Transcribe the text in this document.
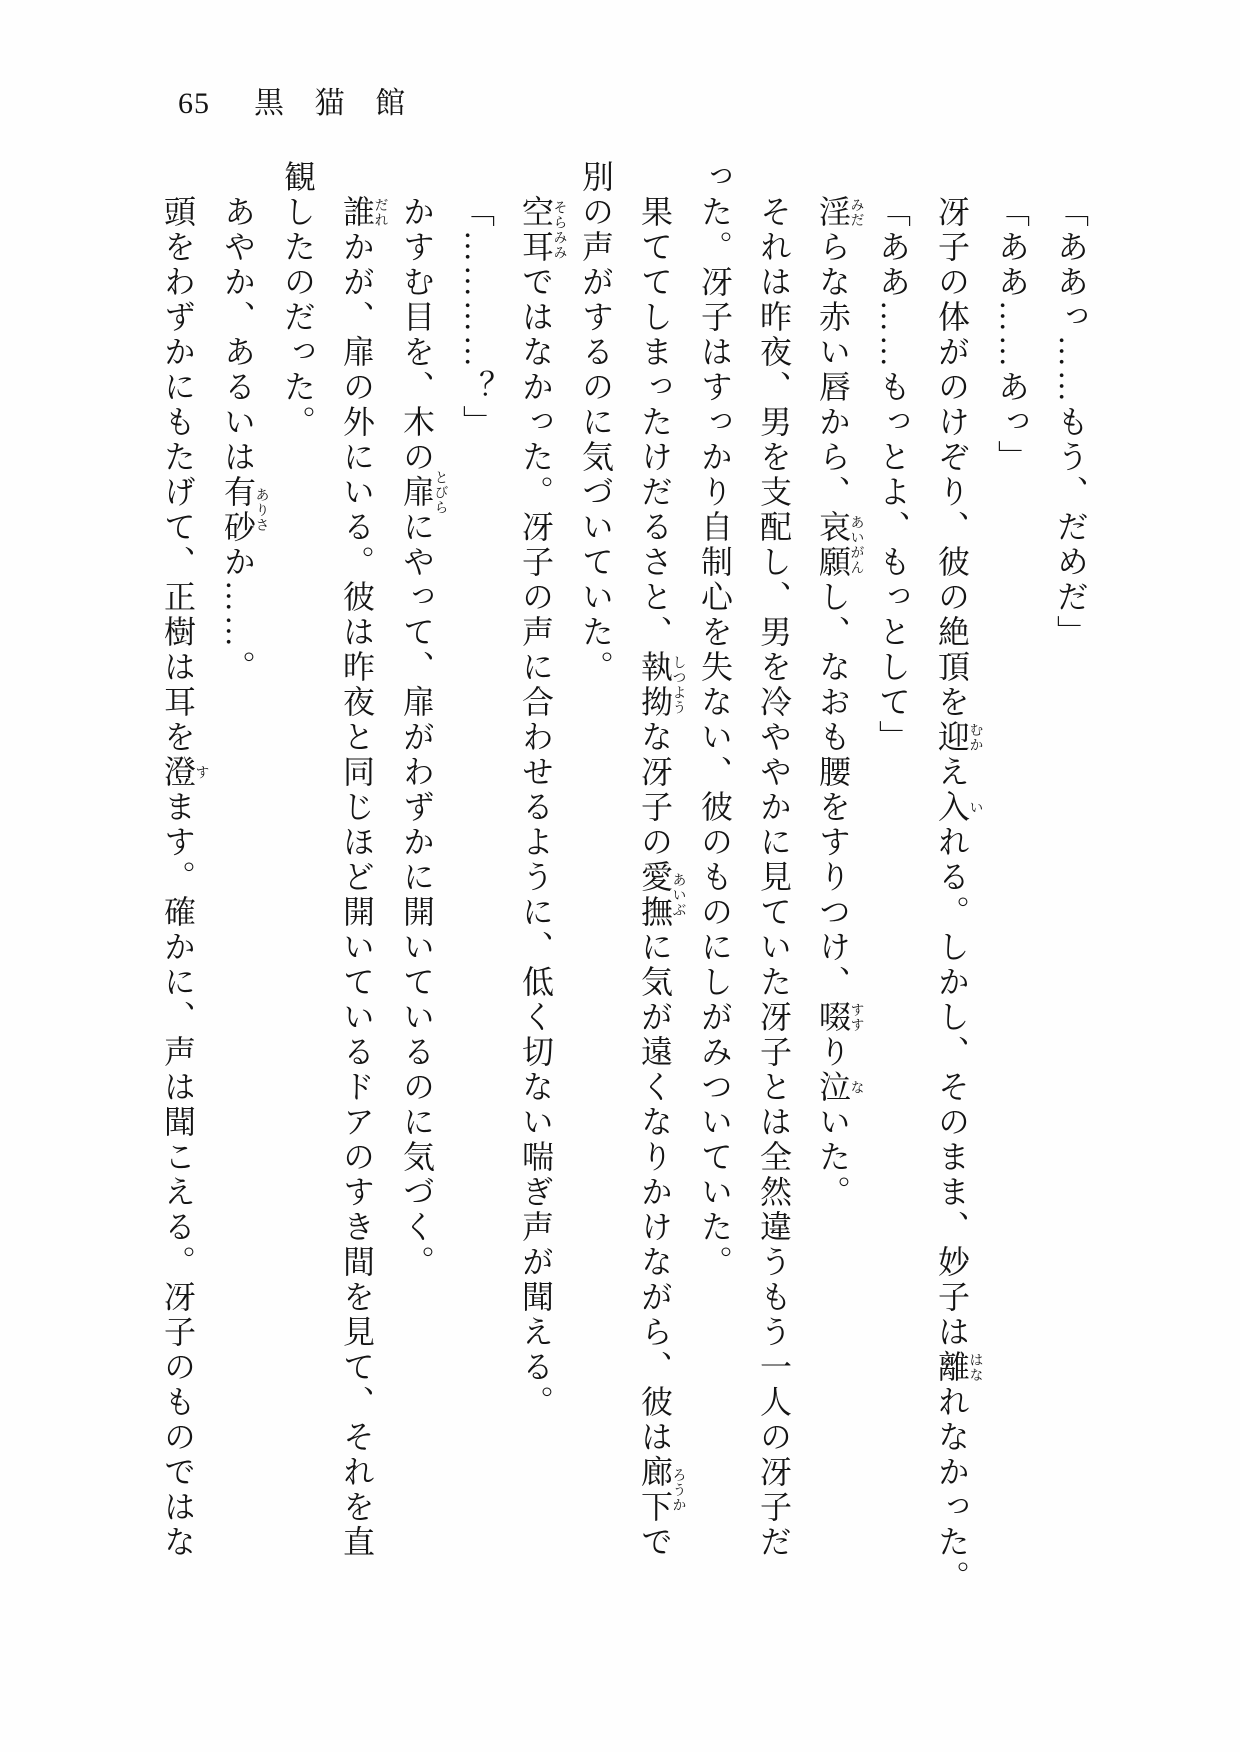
65 黒猫館

「ああっ……もう、だめだ」

「ああ……あっ」

冴子の体がのけぞり、彼の絶頂を迎むかえ入いれる。しかし、そのまま、妙子は離はなれなかった。

「ああ……もっとよ、もっとして」

淫みだらな赤い唇から、哀願あいがんし、なおも腰をすりつけ、啜すすり泣ないた。

それは昨夜、男を支配し、男を冷ややかに見ていた冴子とは全然違うもう一人の冴子だ

った。冴子はすっかり自制心を失ない、彼のものにしがみついていた。

果ててしまったけだるさと、執拗しつような冴子の愛撫あいぶに気が遠くなりかけながら、彼は廊下ろうかで

別の声がするのに気づいていた。

空耳そらみみではなかった。冴子の声に合わせるように、低く切ない喘ぎ声が聞える。

「…………？」

かすむ目を、木の扉とびらにやって、扉がわずかに開いているのに気づく。

誰だれかが、扉の外にいる。彼は昨夜と同じほど開いているドアのすき間を見て、それを直

観したのだった。

あやか、あるいは有砂ありさか……。

頭をわずかにもたげて、正樹は耳を澄すます。確かに、声は聞こえる。冴子のものではな
